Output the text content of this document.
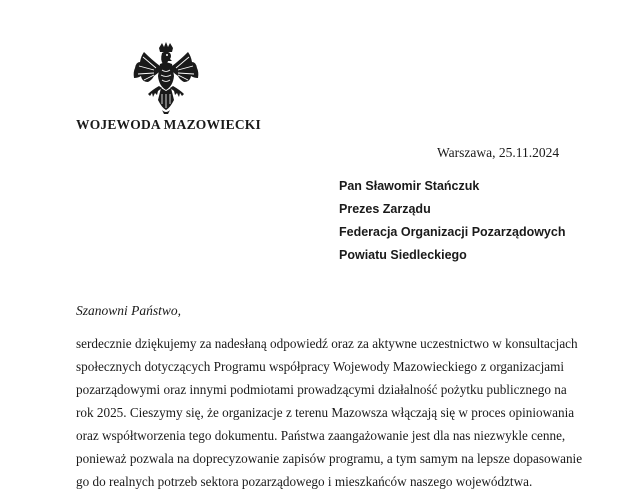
WOJEWODA MAZOWIECKI
Warszawa, 25.11.2024
Pan Sławomir Stańczuk
Prezes Zarządu
Federacja Organizacji Pozarządowych
Powiatu Siedleckiego
Szanowni Państwo,
serdecznie dziękujemy za nadesłaną odpowiedź oraz za aktywne uczestnictwo w konsultacjach
społecznych dotyczących Programu współpracy Wojewody Mazowieckiego z organizacjami
pozarządowymi oraz innymi podmiotami prowadzącymi działalność pożytku publicznego na
rok 2025. Cieszymy się, że organizacje z terenu Mazowsza włączają się w proces opiniowania
oraz współtworzenia tego dokumentu. Państwa zaangażowanie jest dla nas niezwykle cenne,
ponieważ pozwala na doprecyzowanie zapisów programu, a tym samym na lepsze dopasowanie
go do realnych potrzeb sektora pozarządowego i mieszkańców naszego województwa.
